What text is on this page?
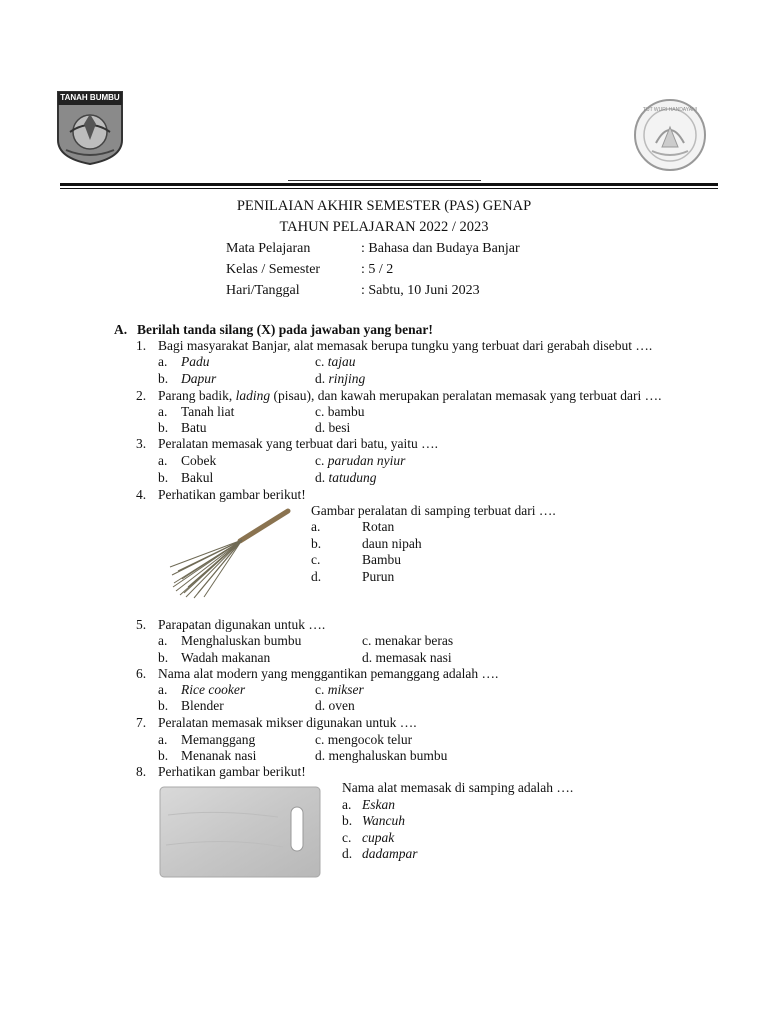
TANAH BUMBU
TUT WURI HANDAYANI
PENILAIAN AKHIR SEMESTER (PAS) GENAP
TAHUN PELAJARAN 2022 / 2023
Mata Pelajaran	: Bahasa dan Budaya Banjar
Kelas / Semester	: 5 / 2
Hari/Tanggal	: Sabtu, 10 Juni 2023
A. Berilah tanda silang (X) pada jawaban yang benar!
1. Bagi masyarakat Banjar, alat memasak berupa tungku yang terbuat dari gerabah disebut ….
a. Padu	c. tajau
b. Dapur	d. rinjing
2. Parang badik, lading (pisau), dan kawah merupakan peralatan memasak yang terbuat dari ….
a. Tanah liat	c. bambu
b. Batu	d. besi
3. Peralatan memasak yang terbuat dari batu, yaitu ….
a. Cobek	c. parudan nyiur
b. Bakul	d. tatudung
4. Perhatikan gambar berikut!
Gambar peralatan di samping terbuat dari ….
a.	Rotan
b.	daun nipah
c.	Bambu
d.	Purun
5. Parapatan digunakan untuk ….
a. Menghaluskan bumbu	c. menakar beras
b. Wadah makanan	d. memasak nasi
6. Nama alat modern yang menggantikan pemanggang adalah ….
a. Rice cooker	c. mikser
b. Blender	d. oven
7. Peralatan memasak mikser digunakan untuk ….
a. Memanggang	c. mengocok telur
b. Menanak nasi	d. menghaluskan bumbu
8. Perhatikan gambar berikut!
Nama alat memasak di samping adalah ….
a. Eskan
b. Wancuh
c. cupak
d. dadampar
